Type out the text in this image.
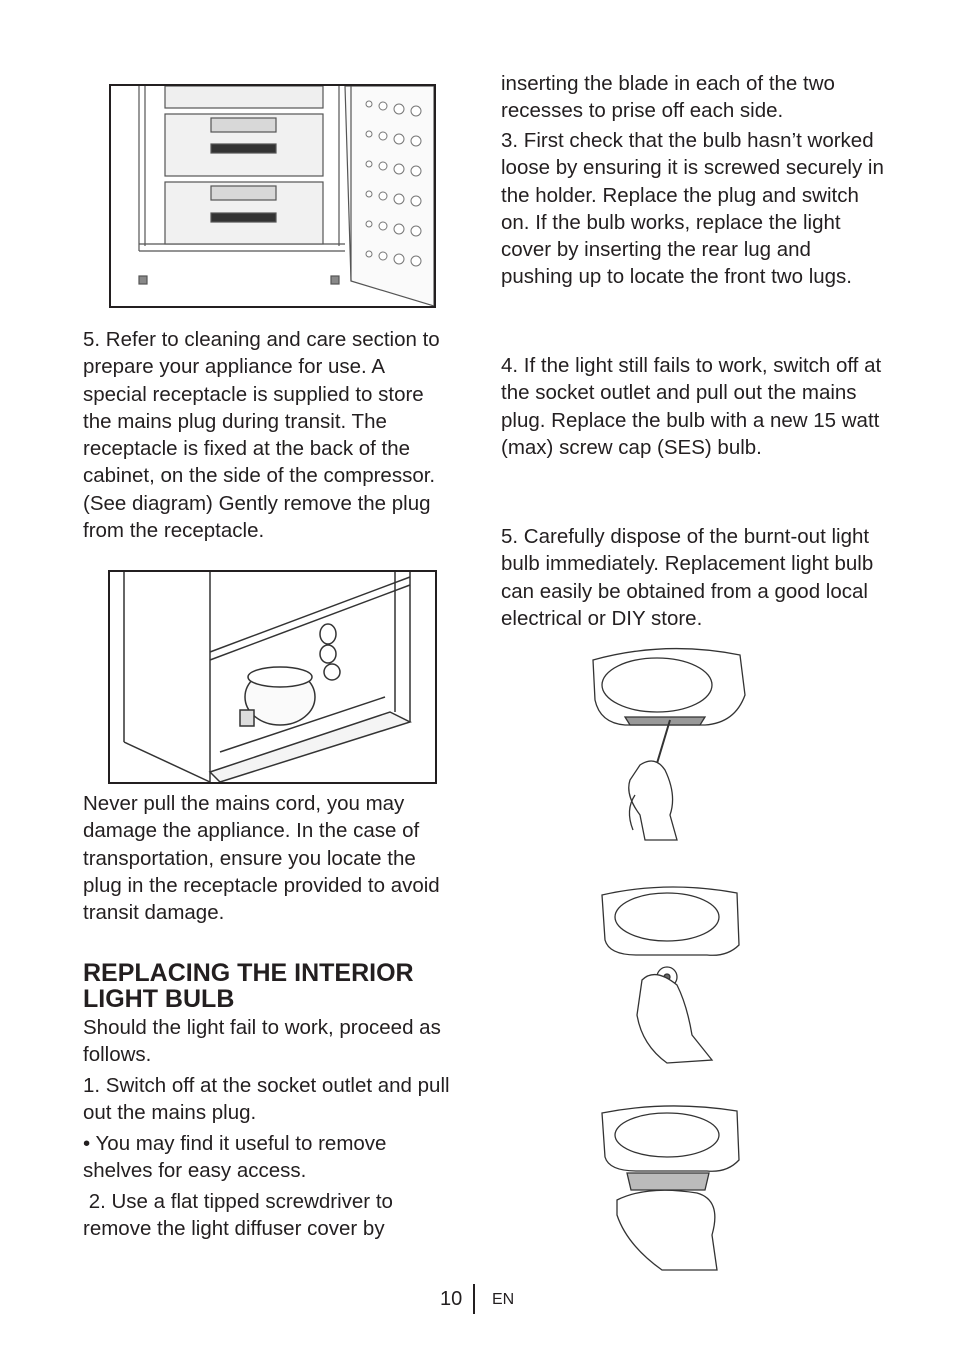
5. Refer to cleaning and care section to prepare your appliance for use. A special receptacle is supplied to store the mains plug during transit. The receptacle is fixed at the back of the cabinet, on the side of the compressor. (See diagram) Gently remove the plug from the receptacle.

Never pull the mains cord, you may damage the appliance. In the case of transportation, ensure you locate the plug in the receptacle provided to avoid transit damage.

REPLACING THE INTERIOR LIGHT BULB

Should the light fail to work, proceed as follows.

1. Switch off at the socket outlet and pull out the mains plug.

• You may find it useful to remove shelves for easy access.

2. Use a flat tipped screwdriver to remove the light diffuser cover by

inserting the blade in each of the two recesses to prise off each side.

3. First check that the bulb hasn’t worked loose by ensuring it is screwed securely in the holder. Replace the plug and switch on. If the bulb works, replace the light cover by inserting the rear lug and pushing up to locate the front two lugs.

4. If the light still fails to work, switch off at the socket outlet and pull out the mains plug. Replace the bulb with a new 15 watt (max) screw cap (SES) bulb.

5. Carefully dispose of the burnt-out light bulb immediately. Replacement light bulb can easily be obtained from a good local electrical or DIY store.

10 EN
